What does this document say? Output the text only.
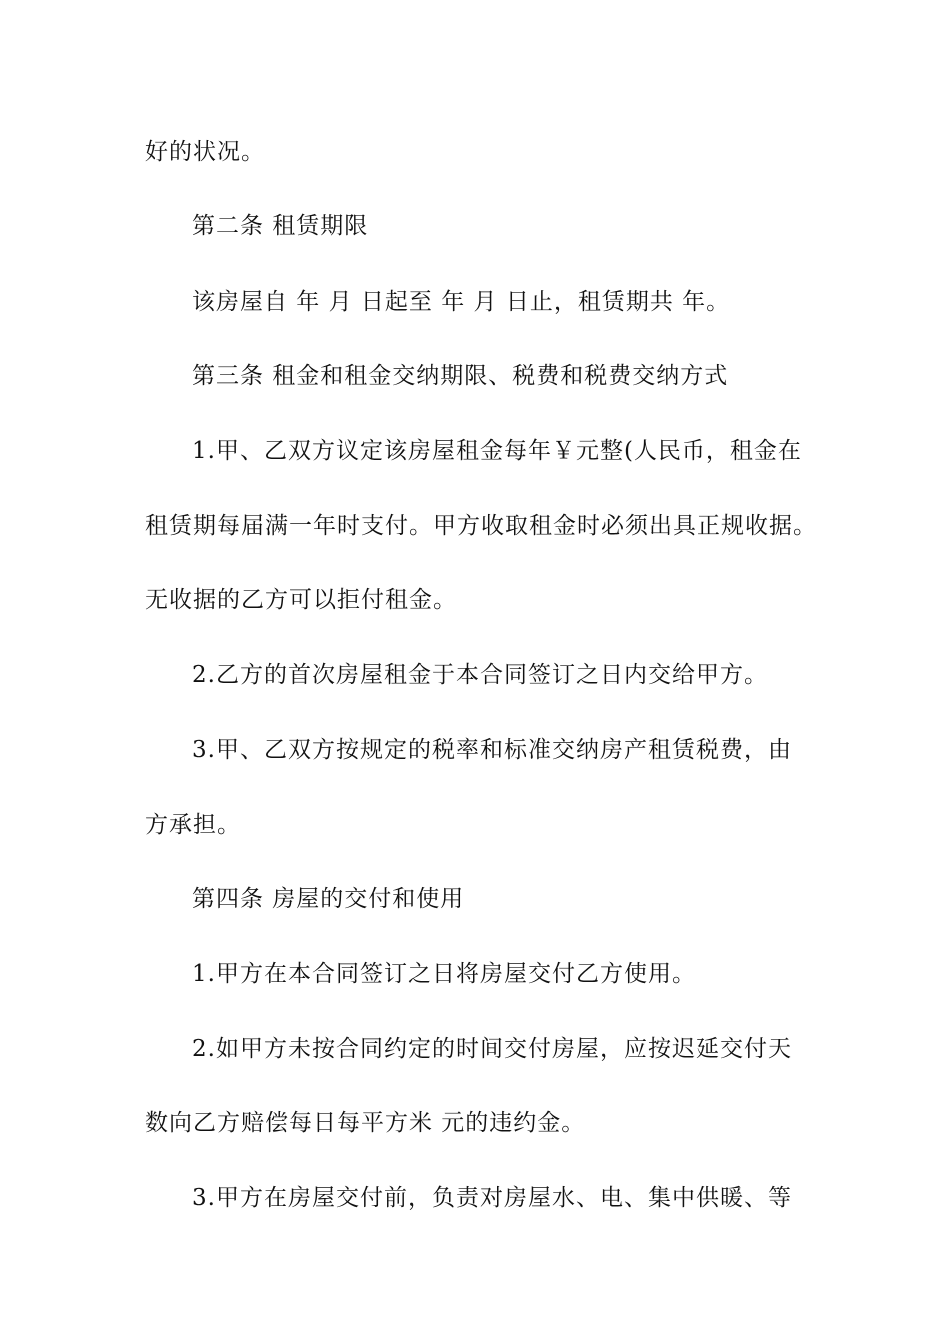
好的状况。
第二条 租赁期限
该房屋自 年 月 日起至 年 月 日止，租赁期共 年。
第三条 租金和租金交纳期限、税费和税费交纳方式
1.甲、乙双方议定该房屋租金每年￥元整(人民币，租金在
租赁期每届满一年时支付。甲方收取租金时必须出具正规收据。
无收据的乙方可以拒付租金。
2.乙方的首次房屋租金于本合同签订之日内交给甲方。
3.甲、乙双方按规定的税率和标准交纳房产租赁税费，由
方承担。
第四条 房屋的交付和使用
1.甲方在本合同签订之日将房屋交付乙方使用。
2.如甲方未按合同约定的时间交付房屋，应按迟延交付天
数向乙方赔偿每日每平方米 元的违约金。
3.甲方在房屋交付前，负责对房屋水、电、集中供暖、等
